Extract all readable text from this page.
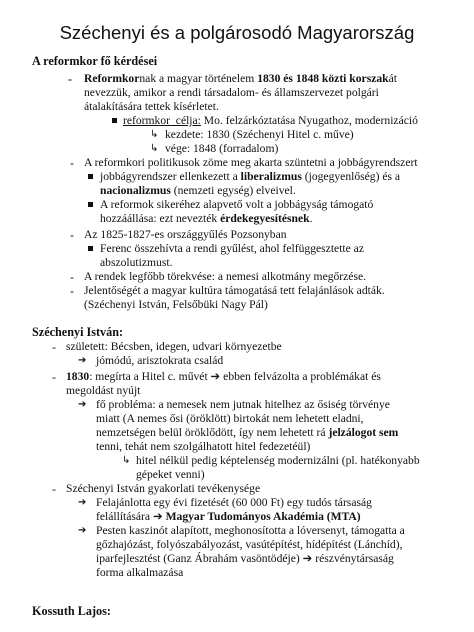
Széchenyi és a polgárosodó Magyarország
A reformkor fő kérdései
- Reformkornak a magyar történelem 1830 és 1848 közti korszakát
nevezzük, amikor a rendi társadalom- és államszervezet polgári
átalakítására tettek kísérletet.
reformkor_célja: Mo. felzárkóztatása Nyugathoz, modernizáció
↳ kezdete: 1830 (Széchenyi Hitel c. műve)
↳ vége: 1848 (forradalom)
- A reformkori politikusok zöme meg akarta szüntetni a jobbágyrendszert
jobbágyrendszer ellenkezett a liberalizmus (jogegyenlőség) és a
nacionalizmus (nemzeti egység) elveivel.
A reformok sikeréhez alapvető volt a jobbágyság támogató
hozzáállása: ezt nevezték érdekegyesítésnek.
- Az 1825-1827-es országgyűlés Pozsonyban
Ferenc összehívta a rendi gyűlést, ahol felfüggesztette az
abszolutizmust.
- A rendek legfőbb törekvése: a nemesi alkotmány megőrzése.
- Jelentőségét a magyar kultúra támogatásá tett felajánlások adták.
(Széchenyi István, Felsőbüki Nagy Pál)
Széchenyi István:
- született: Bécsben, idegen, udvari környezetbe
➔ jómódú, arisztokrata család
- 1830: megírta a Hitel c. művét ➔ ebben felvázolta a problémákat és
megoldást nyújt
➔ fő probléma: a nemesek nem jutnak hitelhez az ősiség törvénye
miatt (A nemes ősi (öröklött) birtokát nem lehetett eladni,
nemzetségen belül öröklődött, így nem lehetett rá jelzálogot sem
tenni, tehát nem szolgálhatott hitel fedezetéül)
↳ hitel nélkül pedig képtelenség modernizálni (pl. hatékonyabb
gépeket venni)
- Széchenyi István gyakorlati tevékenysége
➔ Felajánlotta egy évi fizetését (60 000 Ft) egy tudós társaság
felállítására ➔ Magyar Tudományos Akadémia (MTA)
➔ Pesten kaszinót alapított, meghonosította a lóversenyt, támogatta a
gőzhajózást, folyószabályozást, vasútépítést, hídépítést (Lánchíd),
iparfejlesztést (Ganz Ábrahám vasöntödéje) ➔ részvénytársaság
forma alkalmazása
Kossuth Lajos:
